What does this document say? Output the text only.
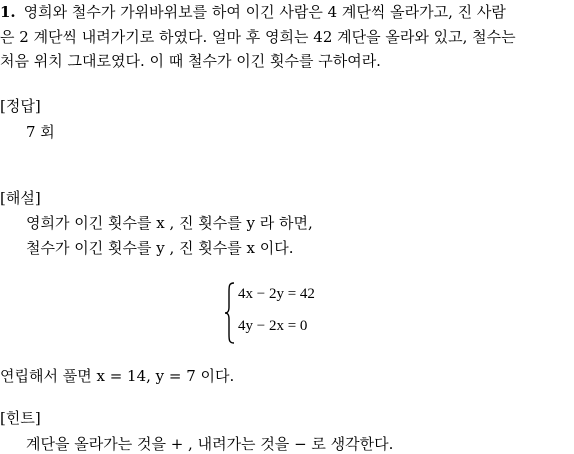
1. 영희와 철수가 가위바위보를 하여 이긴 사람은 4 계단씩 올라가고, 진 사람
은 2 계단씩 내려가기로 하였다. 얼마 후 영희는 42 계단을 올라와 있고, 철수는
처음 위치 그대로였다. 이 때 철수가 이긴 횟수를 구하여라.
[정답]
7 회
[해설]
영희가 이긴 횟수를 x , 진 횟수를 y 라 하면,
철수가 이긴 횟수를 y , 진 횟수를 x 이다.
4x − 2y = 42
4y − 2x = 0
연립해서 풀면 x = 14, y = 7 이다.
[힌트]
계단을 올라가는 것을 + , 내려가는 것을 − 로 생각한다.
